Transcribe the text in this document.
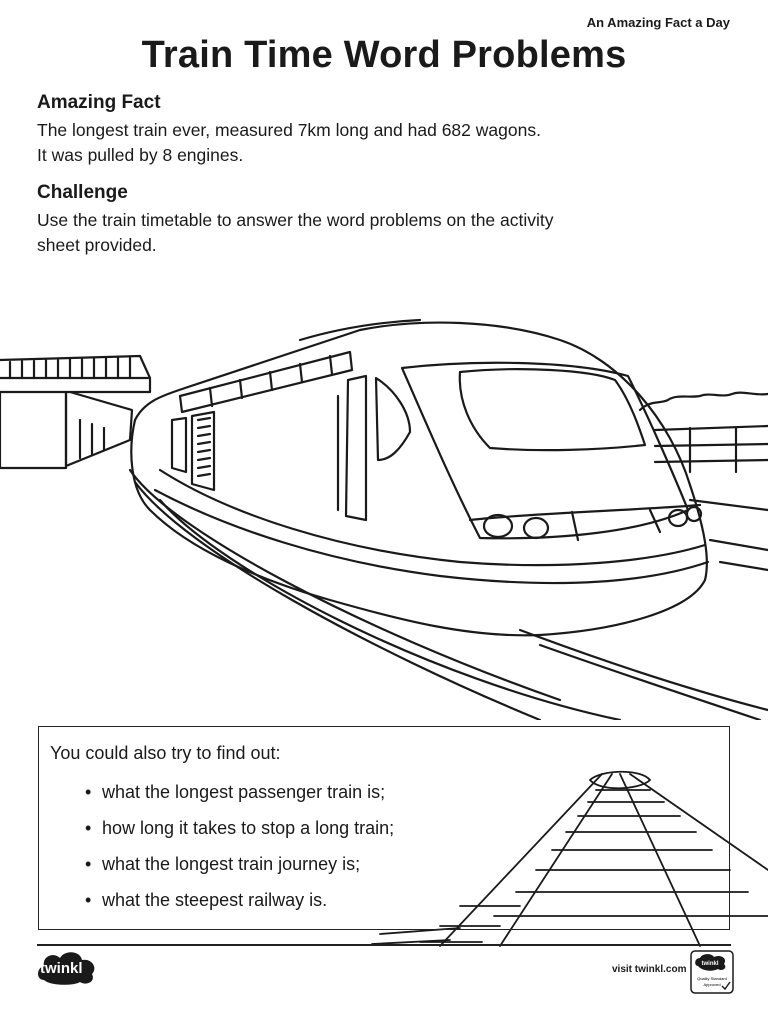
An Amazing Fact a Day
Train Time Word Problems
Amazing Fact

The longest train ever, measured 7km long and had 682 wagons.

It was pulled by 8 engines.

Challenge

Use the train timetable to answer the word problems on the activity

sheet provided.

You could also try to find out:
• what the longest passenger train is;
• how long it takes to stop a long train;
• what the longest train journey is;
• what the steepest railway is.
twinkl	visit twinkl.com	twinkl
Quality Standard
Approved
